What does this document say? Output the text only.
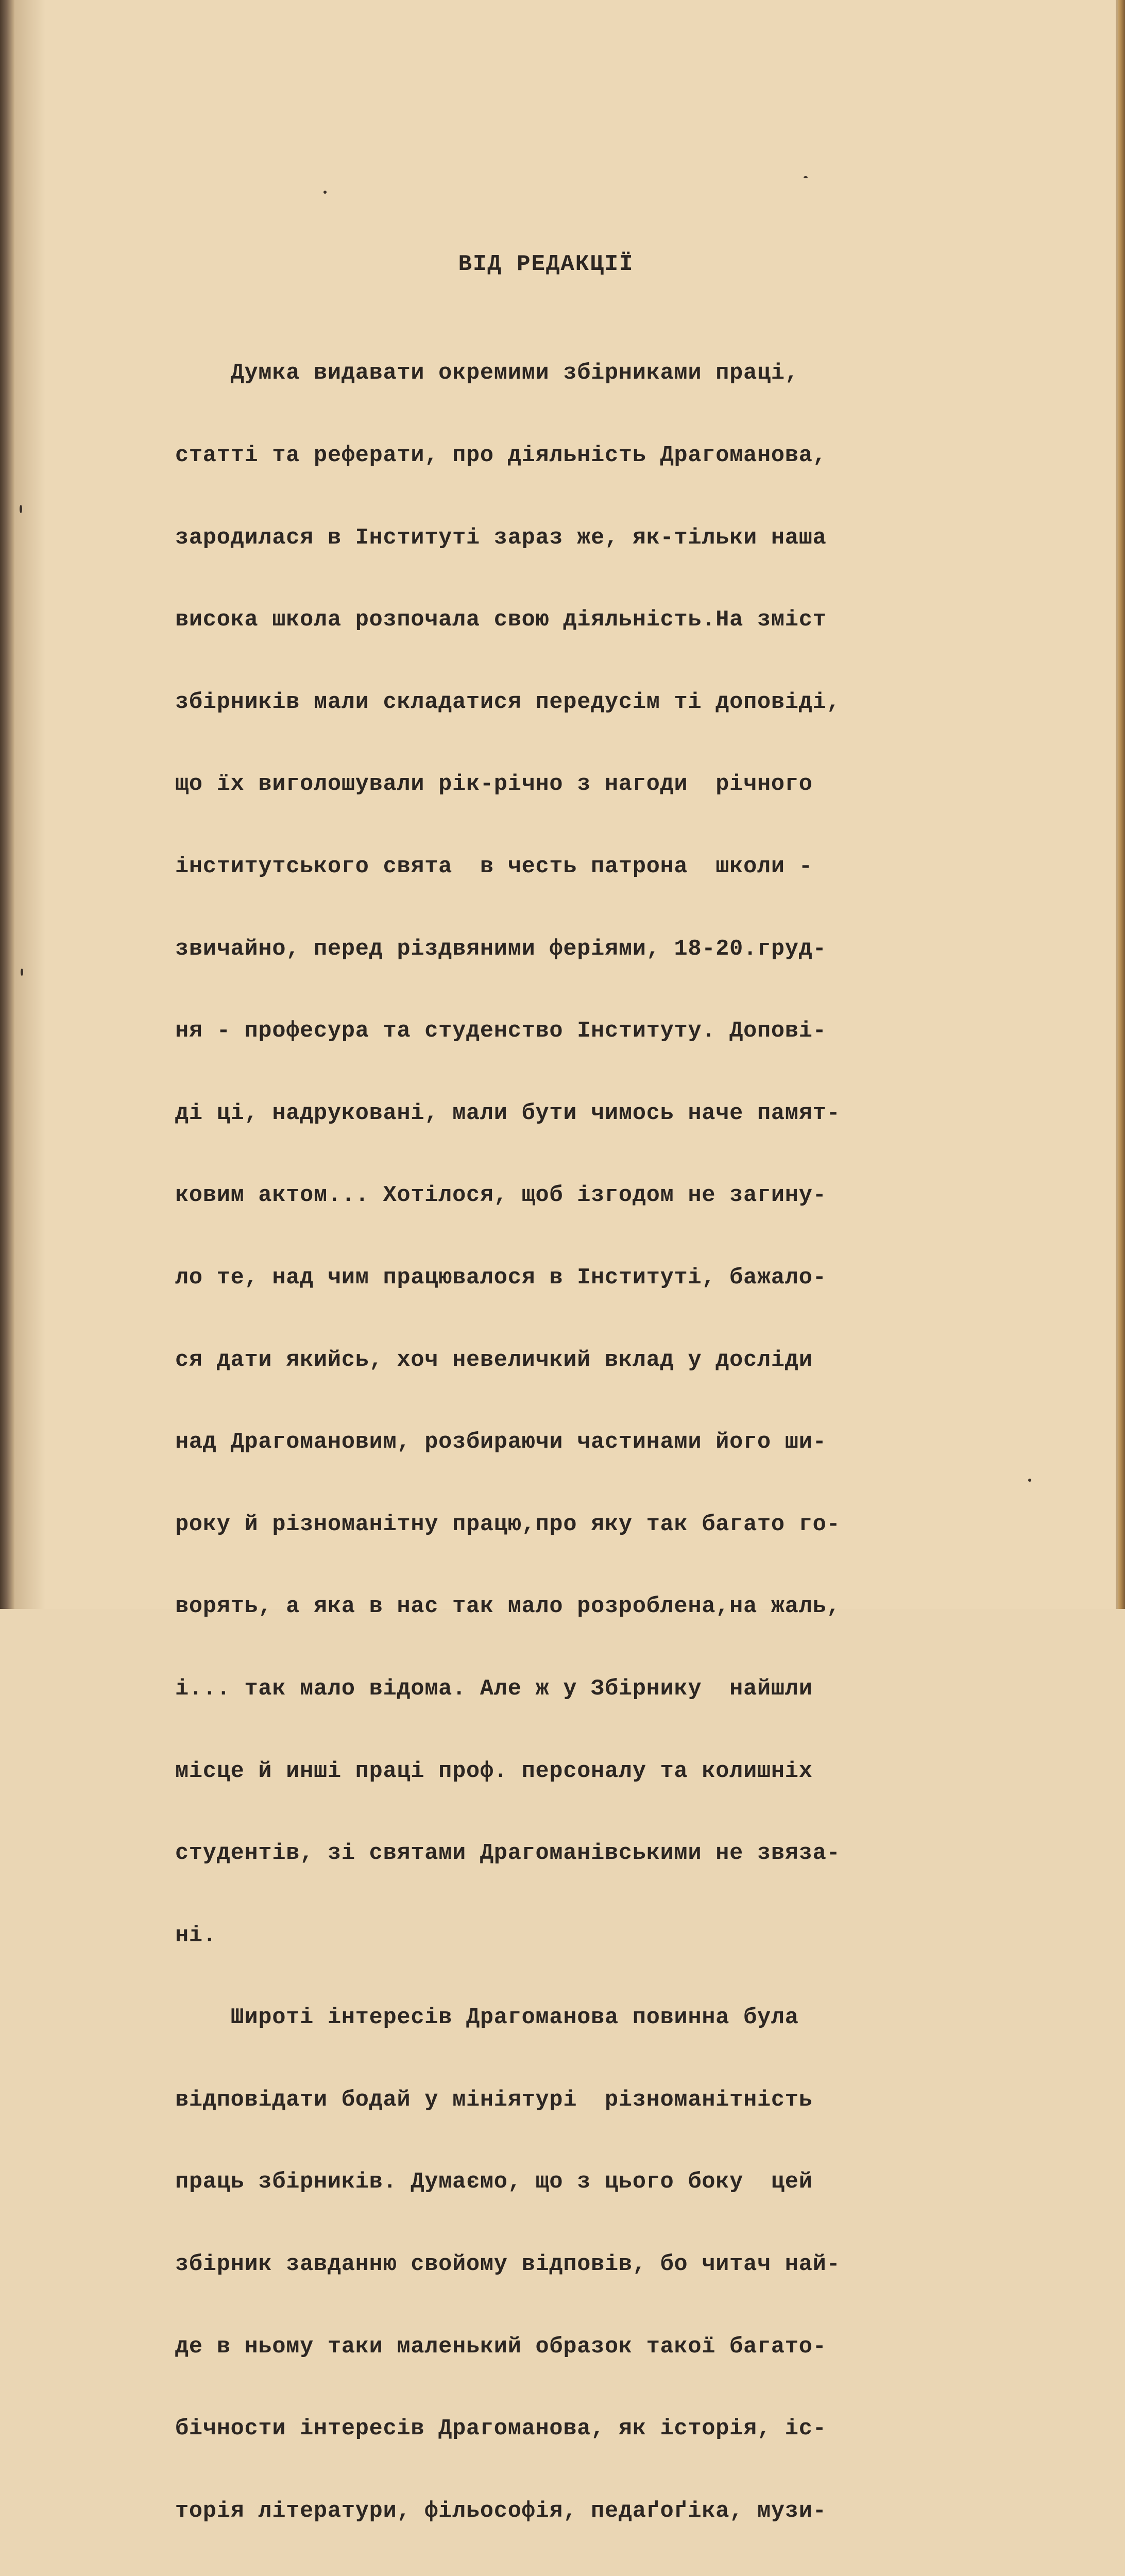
ВІД РЕДАКЦІЇ

Думка видавати окремими збірниками праці,

статті та реферати, про діяльність Драгоманова,

зародилася в Інституті зараз же, як-тільки наша

висока школа розпочала свою діяльність.На зміст

збірників мали складатися передусім ті доповіді,

що їх виголошували рік-річно з нагоди  річного

інститутського свята  в честь патрона  школи -

звичайно, перед різдвяними феріями, 18-20.груд-

ня - професура та студенство Інституту. Доповi-

ді ці, надруковані, мали бути чимось наче памят-

ковим актом... Хотілося, щоб ізгодом не загину-

ло те, над чим працювалося в Інституті, бажало-

ся дати якийсь, хоч невеличкий вклад у досліди

над Драгомановим, розбираючи частинами його ши-

року й різноманітну працю,про яку так багато го-

ворять, а яка в нас так мало розроблена,на жаль,

і... так мало відома. Але ж у Збірнику  найшли

місце й инші праці проф. персоналу та колишніх

студентів, зі святами Драгоманівськими не звяза-

ні.

Широті інтересів Драгоманова повинна була

відповідати бодай у мініятурі  різноманітність

праць збірників. Думаємо, що з цього боку  цей

збірник завданню свойому відповів, бо читач най-

де в ньому таки маленький образок такої багато-

бічности інтересів Драгоманова, як історія, іс-

торія літератури, фільософія, педаґоґіка, музи-
